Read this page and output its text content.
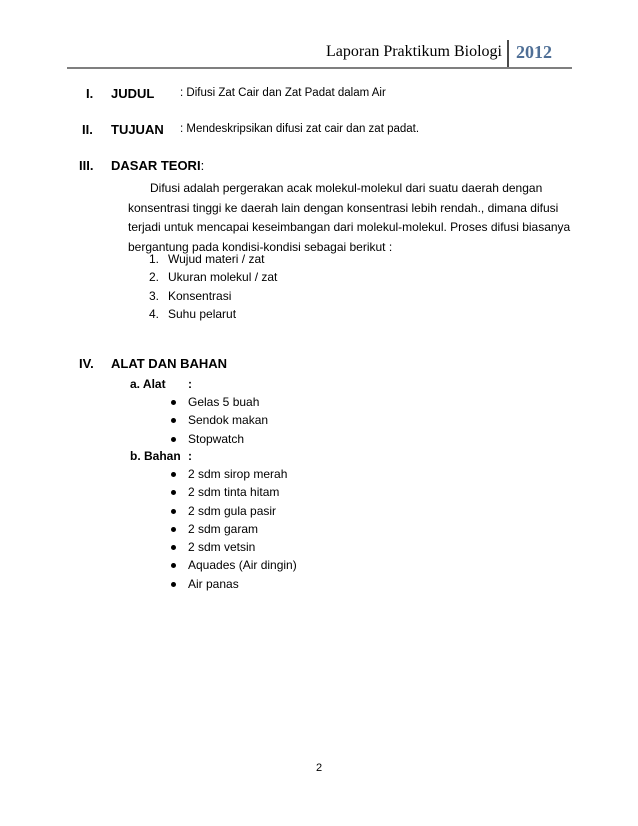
Laporan Praktikum Biologi 2012
I. JUDUL : Difusi Zat Cair dan Zat Padat dalam Air
II. TUJUAN : Mendeskripsikan difusi zat cair dan zat padat.
III. DASAR TEORI:
Difusi adalah pergerakan acak molekul-molekul dari suatu daerah dengan
konsentrasi tinggi ke daerah lain dengan konsentrasi lebih rendah., dimana difusi
terjadi untuk mencapai keseimbangan dari molekul-molekul. Proses difusi biasanya
bergantung pada kondisi-kondisi sebagai berikut :
1. Wujud materi / zat
2. Ukuran molekul / zat
3. Konsentrasi
4. Suhu pelarut
IV. ALAT DAN BAHAN
a. Alat :
Gelas 5 buah
Sendok makan
Stopwatch
b. Bahan :
2 sdm sirop merah
2 sdm tinta hitam
2 sdm gula pasir
2 sdm garam
2 sdm vetsin
Aquades (Air dingin)
Air panas
2
